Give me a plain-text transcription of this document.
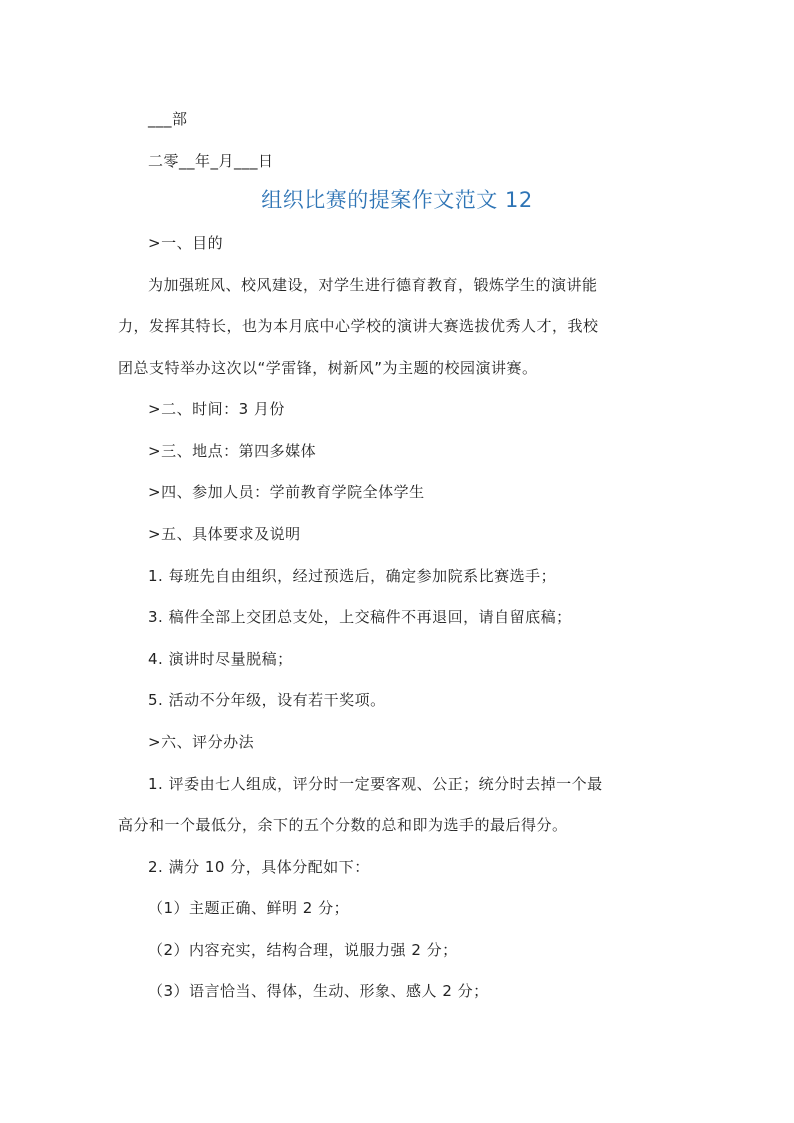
___部
二零__年_月___日
组织比赛的提案作文范文 12
>一、目的
为加强班风、校风建设，对学生进行德育教育，锻炼学生的演讲能
力，发挥其特长，也为本月底中心学校的演讲大赛选拔优秀人才，我校
团总支特举办这次以“学雷锋，树新风”为主题的校园演讲赛。
>二、时间：3 月份
>三、地点：第四多媒体
>四、参加人员：学前教育学院全体学生
>五、具体要求及说明
1. 每班先自由组织，经过预选后，确定参加院系比赛选手；
3. 稿件全部上交团总支处，上交稿件不再退回，请自留底稿；
4. 演讲时尽量脱稿；
5. 活动不分年级，设有若干奖项。
>六、评分办法
1. 评委由七人组成，评分时一定要客观、公正；统分时去掉一个最
高分和一个最低分，余下的五个分数的总和即为选手的最后得分。
2. 满分 10 分，具体分配如下：
（1）主题正确、鲜明 2 分；
（2）内容充实，结构合理，说服力强 2 分；
（3）语言恰当、得体，生动、形象、感人 2 分；
